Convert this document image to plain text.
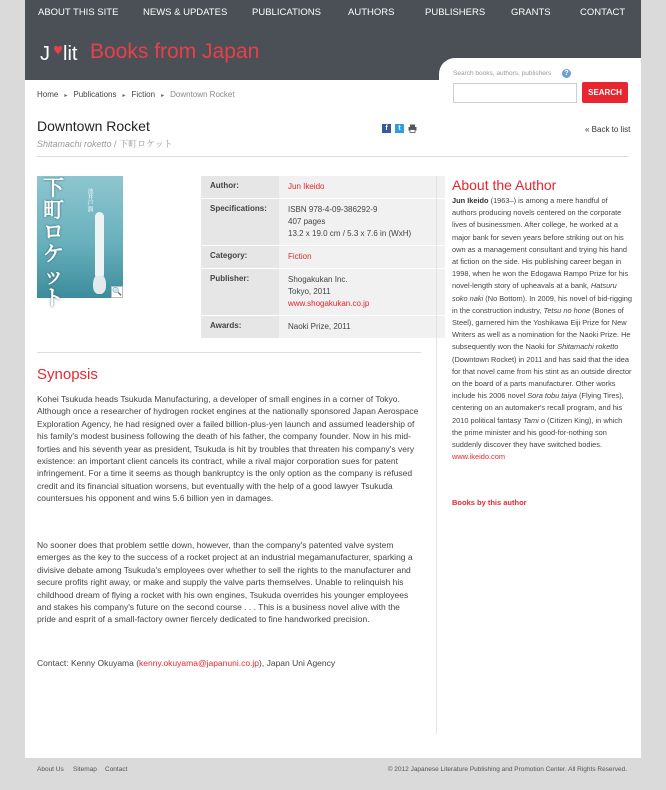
ABOUT THIS SITE	NEWS & UPDATES	PUBLICATIONS	AUTHORS	PUBLISHERS	GRANTS	CONTACT
J lit Books from Japan
Search books, authors, publishers	?
SEARCH
Home ▸ Publications ▸ Fiction ▸ Downtown Rocket
Downtown Rocket
Shitamachi roketto / 下町ロケット
f	t	« Back to list
下町ロケット
池井戸潤
🔍
Author:	Jun Ikeido
Specifications:	ISBN 978-4-09-386292-9
407 pages
13.2 x 19.0 cm / 5.3 x 7.6 in (WxH)

Category:	Fiction
Publisher:	Shogakukan Inc.
Tokyo, 2011
www.shogakukan.co.jp
Awards:	Naoki Prize, 2011
Synopsis

Kohei Tsukuda heads Tsukuda Manufacturing, a developer of small engines in a corner of Tokyo. Although once a researcher of hydrogen rocket engines at the nationally sponsored Japan Aerospace Exploration Agency, he had resigned over a failed billion-plus-yen launch and assumed leadership of his family's modest business following the death of his father, the company founder. Now in his mid-forties and his seventh year as president, Tsukuda is hit by troubles that threaten his company's very existence: an important client cancels its contract, while a rival major corporation sues for patent infringement. For a time it seems as though bankruptcy is the only option as the company is refused credit and its financial situation worsens, but eventually with the help of a good lawyer Tsukuda countersues his opponent and wins 5.6 billion yen in damages.

No sooner does that problem settle down, however, than the company's patented valve system emerges as the key to the success of a rocket project at an industrial megamanufacturer, sparking a divisive debate among Tsukuda's employees over whether to sell the rights to the manufacturer and secure profits right away, or make and supply the valve parts themselves. Unable to relinquish his childhood dream of flying a rocket with his own engines, Tsukuda overrides his younger employees and stakes his company's future on the second course . . . This is a business novel alive with the pride and esprit of a small-factory owner fiercely dedicated to fine handworked precision.

Contact: Kenny Okuyama (kenny.okuyama@japanuni.co.jp), Japan Uni Agency

About the Author
Jun Ikeido (1963–) is among a mere handful of authors producing novels centered on the corporate lives of businessmen. After college, he worked at a major bank for seven years before striking out on his own as a management consultant and trying his hand at fiction on the side. His publishing career began in 1998, when he won the Edogawa Rampo Prize for his novel-length story of upheavals at a bank, Hatsuru soko naki (No Bottom). In 2009, his novel of bid-rigging in the construction industry, Tetsu no hone (Bones of Steel), garnered him the Yoshikawa Eiji Prize for New Writers as well as a nomination for the Naoki Prize. He subsequently won the Naoki for Shitamachi roketto (Downtown Rocket) in 2011 and has said that the idea for that novel came from his stint as an outside director on the board of a parts manufacturer. Other works include his 2006 novel Sora tobu taiya (Flying Tires), centering on an automaker's recall program, and his 2010 political fantasy Tami o (Citizen King), in which the prime minister and his good-for-nothing son suddenly discover they have switched bodies.
www.ikeido.com
Books by this author
About Us Sitemap Contact	© 2012 Japanese Literature Publishing and Promotion Center. All Rights Reserved.
